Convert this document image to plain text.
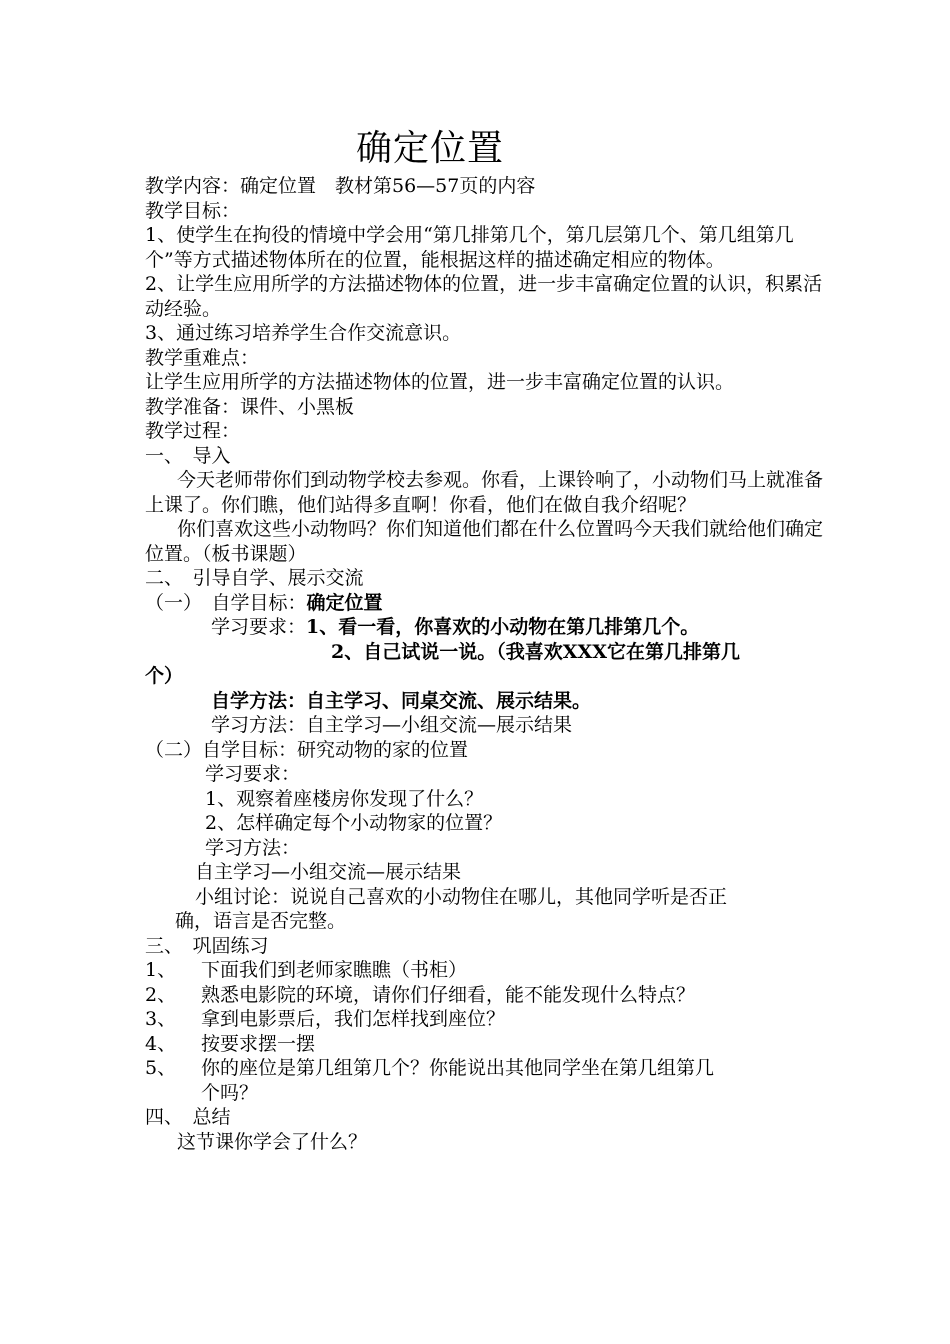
确定位置

教学内容：确定位置　教材第56—57页的内容

教学目标：

1、使学生在拘役的情境中学会用“第几排第几个，第几层第几个、第几组第几个”等方式描述物体所在的位置，能根据这样的描述确定相应的物体。

2、让学生应用所学的方法描述物体的位置，进一步丰富确定位置的认识，积累活动经验。

3、通过练习培养学生合作交流意识。

教学重难点：

让学生应用所学的方法描述物体的位置，进一步丰富确定位置的认识。

教学准备：课件、小黑板

教学过程：

一、　导入

今天老师带你们到动物学校去参观。你看，上课铃响了，小动物们马上就准备上课了。你们瞧，他们站得多直啊！你看，他们在做自我介绍呢？

你们喜欢这些小动物吗？你们知道他们都在什么位置吗今天我们就给他们确定位置。（板书课题）

二、　引导自学、展示交流

（一）　自学目标：确定位置

学习要求：1、看一看，你喜欢的小动物在第几排第几个。

2、自己试说一说。（我喜欢XXX它在第几排第几

个）

自学方法：自主学习、同桌交流、展示结果。

学习方法：自主学习—小组交流—展示结果

（二）自学目标：研究动物的家的位置

学习要求：

1、观察着座楼房你发现了什么？

2、怎样确定每个小动物家的位置？

学习方法：

自主学习—小组交流—展示结果

小组讨论：说说自己喜欢的小动物住在哪儿，其他同学听是否正

确，语言是否完整。

三、　巩固练习

1、 下面我们到老师家瞧瞧（书柜）

2、 熟悉电影院的环境，请你们仔细看，能不能发现什么特点？

3、 拿到电影票后，我们怎样找到座位？

4、 按要求摆一摆

5、 你的座位是第几组第几个？你能说出其他同学坐在第几组第几

个吗？

四、　总结

这节课你学会了什么？
